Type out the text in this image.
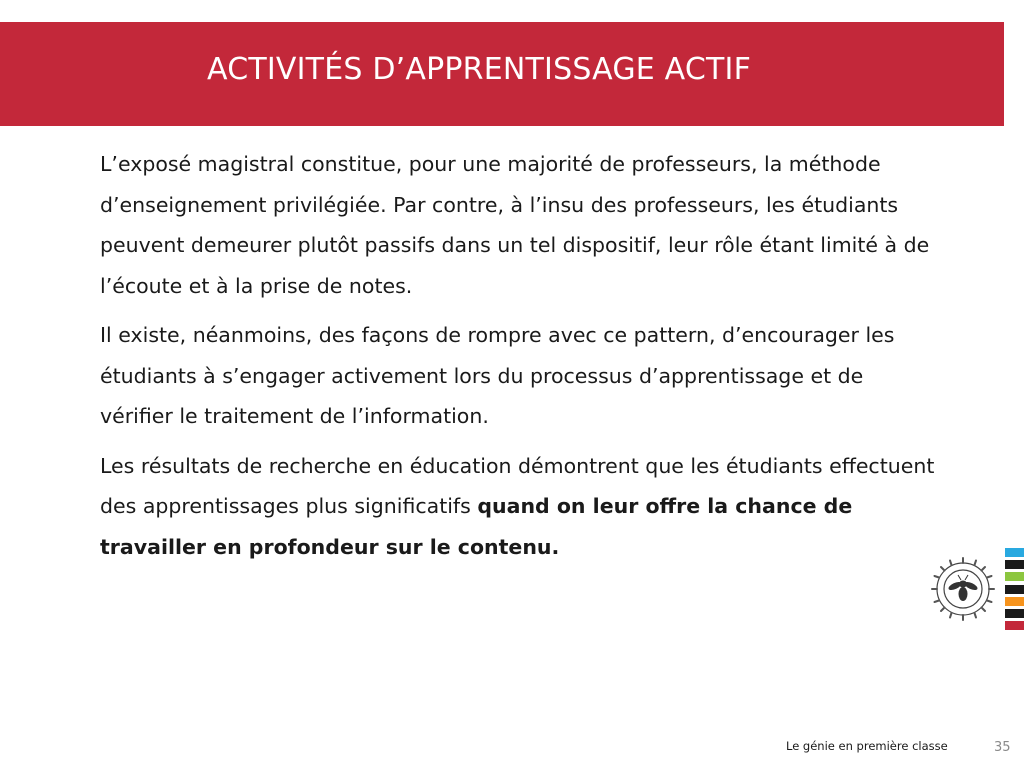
ACTIVITÉS D’APPRENTISSAGE ACTIF

L’exposé magistral constitue, pour une majorité de professeurs, la méthode d’enseignement privilégiée. Par contre, à l’insu des professeurs, les étudiants peuvent demeurer plutôt passifs dans un tel dispositif, leur rôle étant limité à de l’écoute et à la prise de notes.

Il existe, néanmoins, des façons de rompre avec ce pattern, d’encourager les étudiants à s’engager activement lors du processus d’apprentissage et de vérifier le traitement de l’information.

Les résultats de recherche en éducation démontrent que les étudiants effectuent des apprentissages plus significatifs quand on leur offre la chance de travailler en profondeur sur le contenu.

Le génie en première classe	35
